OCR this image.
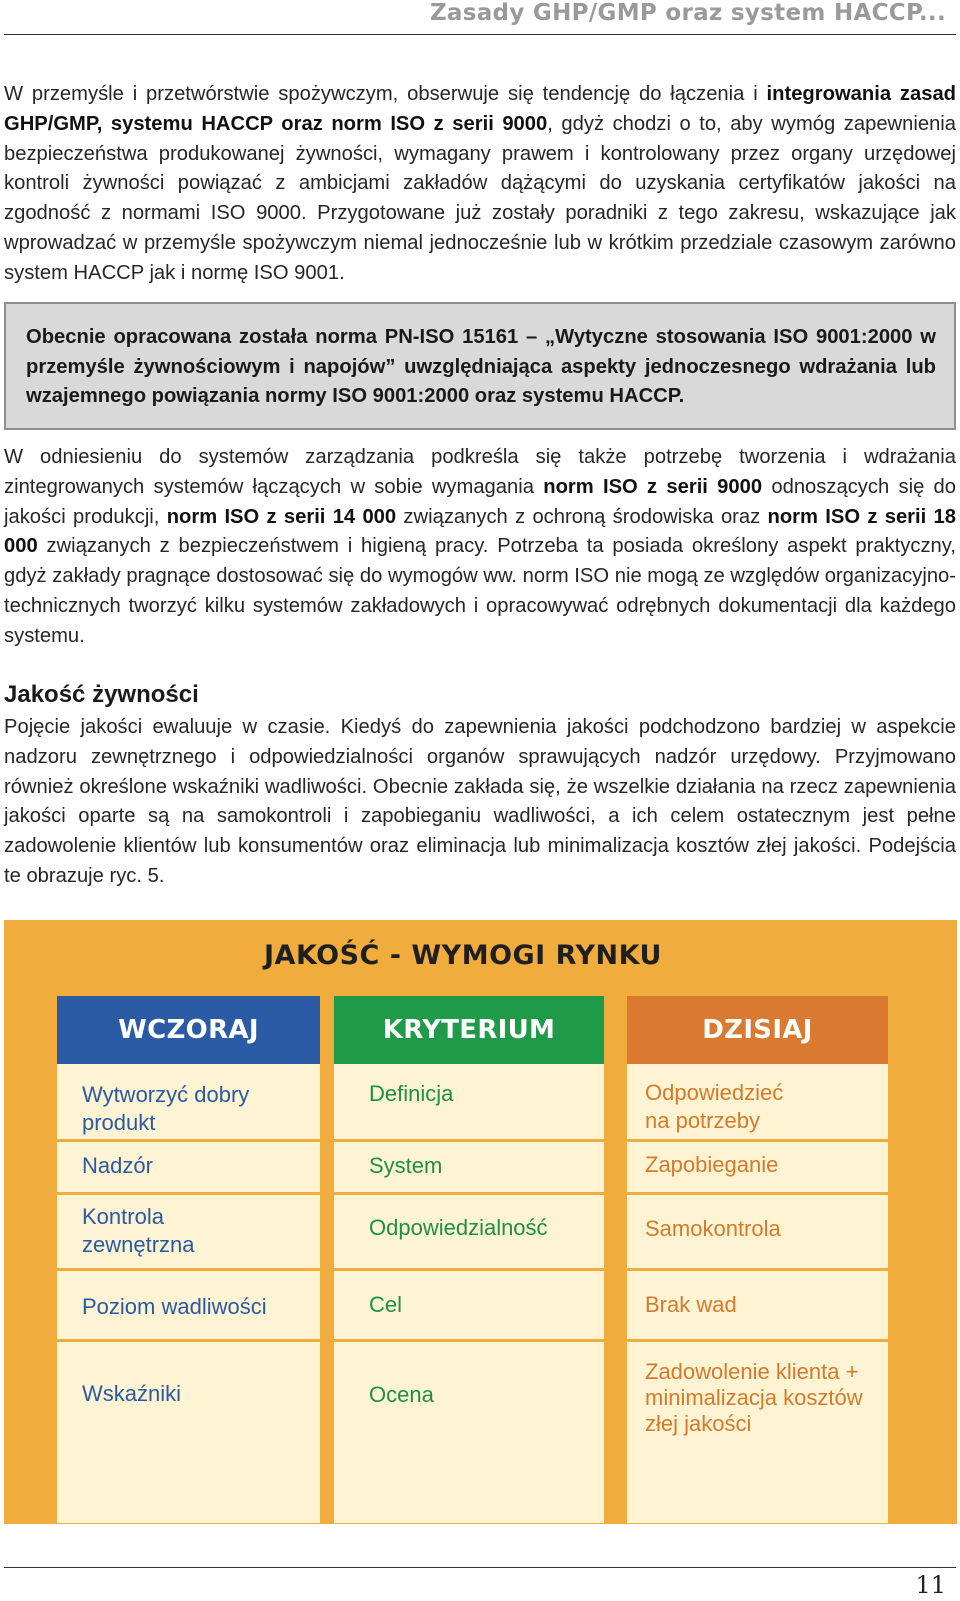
Zasady GHP/GMP oraz system HACCP...

W przemyśle i przetwórstwie spożywczym, obserwuje się tendencję do łączenia i integrowania zasad GHP/GMP, systemu HACCP oraz norm ISO z serii 9000, gdyż chodzi o to, aby wymóg zapewnienia bezpieczeństwa produkowanej żywności, wymagany prawem i kontrolowany przez organy urzędowej kontroli żywności powiązać z ambicjami zakładów dążącymi do uzyskania certyfikatów jakości na zgodność z normami ISO 9000. Przygotowane już zostały poradniki z tego zakresu, wskazujące jak wprowadzać w przemyśle spożywczym niemal jednocześnie lub w krótkim przedziale czasowym zarówno system HACCP jak i normę ISO 9001.

Obecnie opracowana została norma PN-ISO 15161 – „Wytyczne stosowania ISO 9001:2000 w przemyśle żywnościowym i napojów” uwzględniająca aspekty jednoczesnego wdrażania lub wzajemnego powiązania normy ISO 9001:2000 oraz systemu HACCP.

W odniesieniu do systemów zarządzania podkreśla się także potrzebę tworzenia i wdrażania zintegrowanych systemów łączących w sobie wymagania norm ISO z serii 9000 odnoszących się do jakości produkcji, norm ISO z serii 14 000 związanych z ochroną środowiska oraz norm ISO z serii 18 000 związanych z bezpieczeństwem i higieną pracy. Potrzeba ta posiada określony aspekt praktyczny, gdyż zakłady pragnące dostosować się do wymogów ww. norm ISO nie mogą ze względów organizacyjno-technicznych tworzyć kilku systemów zakładowych i opracowywać odrębnych dokumentacji dla każdego systemu.

Jakość żywności

Pojęcie jakości ewaluuje w czasie. Kiedyś do zapewnienia jakości podchodzono bardziej w aspekcie nadzoru zewnętrznego i odpowiedzialności organów sprawujących nadzór urzędowy. Przyjmowano również określone wskaźniki wadliwości. Obecnie zakłada się, że wszelkie działania na rzecz zapewnienia jakości oparte są na samokontroli i zapobieganiu wadliwości, a ich celem ostatecznym jest pełne zadowolenie klientów lub konsumentów oraz eliminacja lub minimalizacja kosztów złej jakości. Podejścia te obrazuje ryc. 5.

JAKOŚĆ - WYMOGI RYNKU
WCZORAJ
Wytworzyć dobry
produkt
Nadzór
Kontrola
zewnętrzna
Poziom wadliwości
Wskaźniki
KRYTERIUM
Definicja
System
Odpowiedzialność
Cel
Ocena
DZISIAJ
Odpowiedzieć
na potrzeby
Zapobieganie
Samokontrola
Brak wad
Zadowolenie klienta +
minimalizacja kosztów
złej jakości
11
